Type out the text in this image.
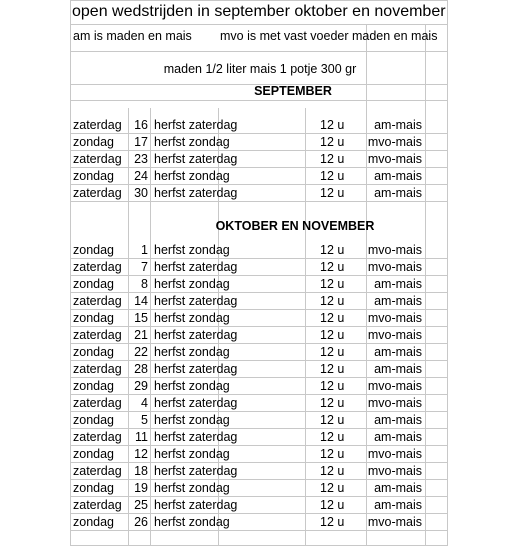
open wedstrijden in september oktober en november
am is maden en mais mvo is met vast voeder maden en mais
maden 1/2 liter mais 1 potje 300 gr
SEPTEMBER
zaterdag 16 herfst zaterdag	12 u	am-mais
zondag	17 herfst zondag	12 u mvo-mais
zaterdag 23 herfst zaterdag	12 u mvo-mais
zondag	24 herfst zondag	12 u	am-mais
zaterdag 30 herfst zaterdag	12 u	am-mais
OKTOBER EN NOVEMBER
zondag	1 herfst zondag	12 u mvo-mais
zaterdag	7 herfst zaterdag	12 u mvo-mais
zondag	8 herfst zondag	12 u	am-mais
zaterdag 14 herfst zaterdag	12 u	am-mais
zondag	15 herfst zondag	12 u mvo-mais
zaterdag 21 herfst zaterdag	12 u mvo-mais
zondag	22 herfst zondag	12 u	am-mais
zaterdag 28 herfst zaterdag	12 u	am-mais
zondag	29 herfst zondag	12 u mvo-mais
zaterdag	4 herfst zaterdag	12 u mvo-mais
zondag	5 herfst zondag	12 u	am-mais
zaterdag	11 herfst zaterdag	12 u	am-mais
zondag	12 herfst zondag	12 u mvo-mais
zaterdag 18 herfst zaterdag	12 u mvo-mais
zondag	19 herfst zondag	12 u	am-mais
zaterdag 25 herfst zaterdag	12 u	am-mais
zondag	26 herfst zondag	12 u mvo-mais
